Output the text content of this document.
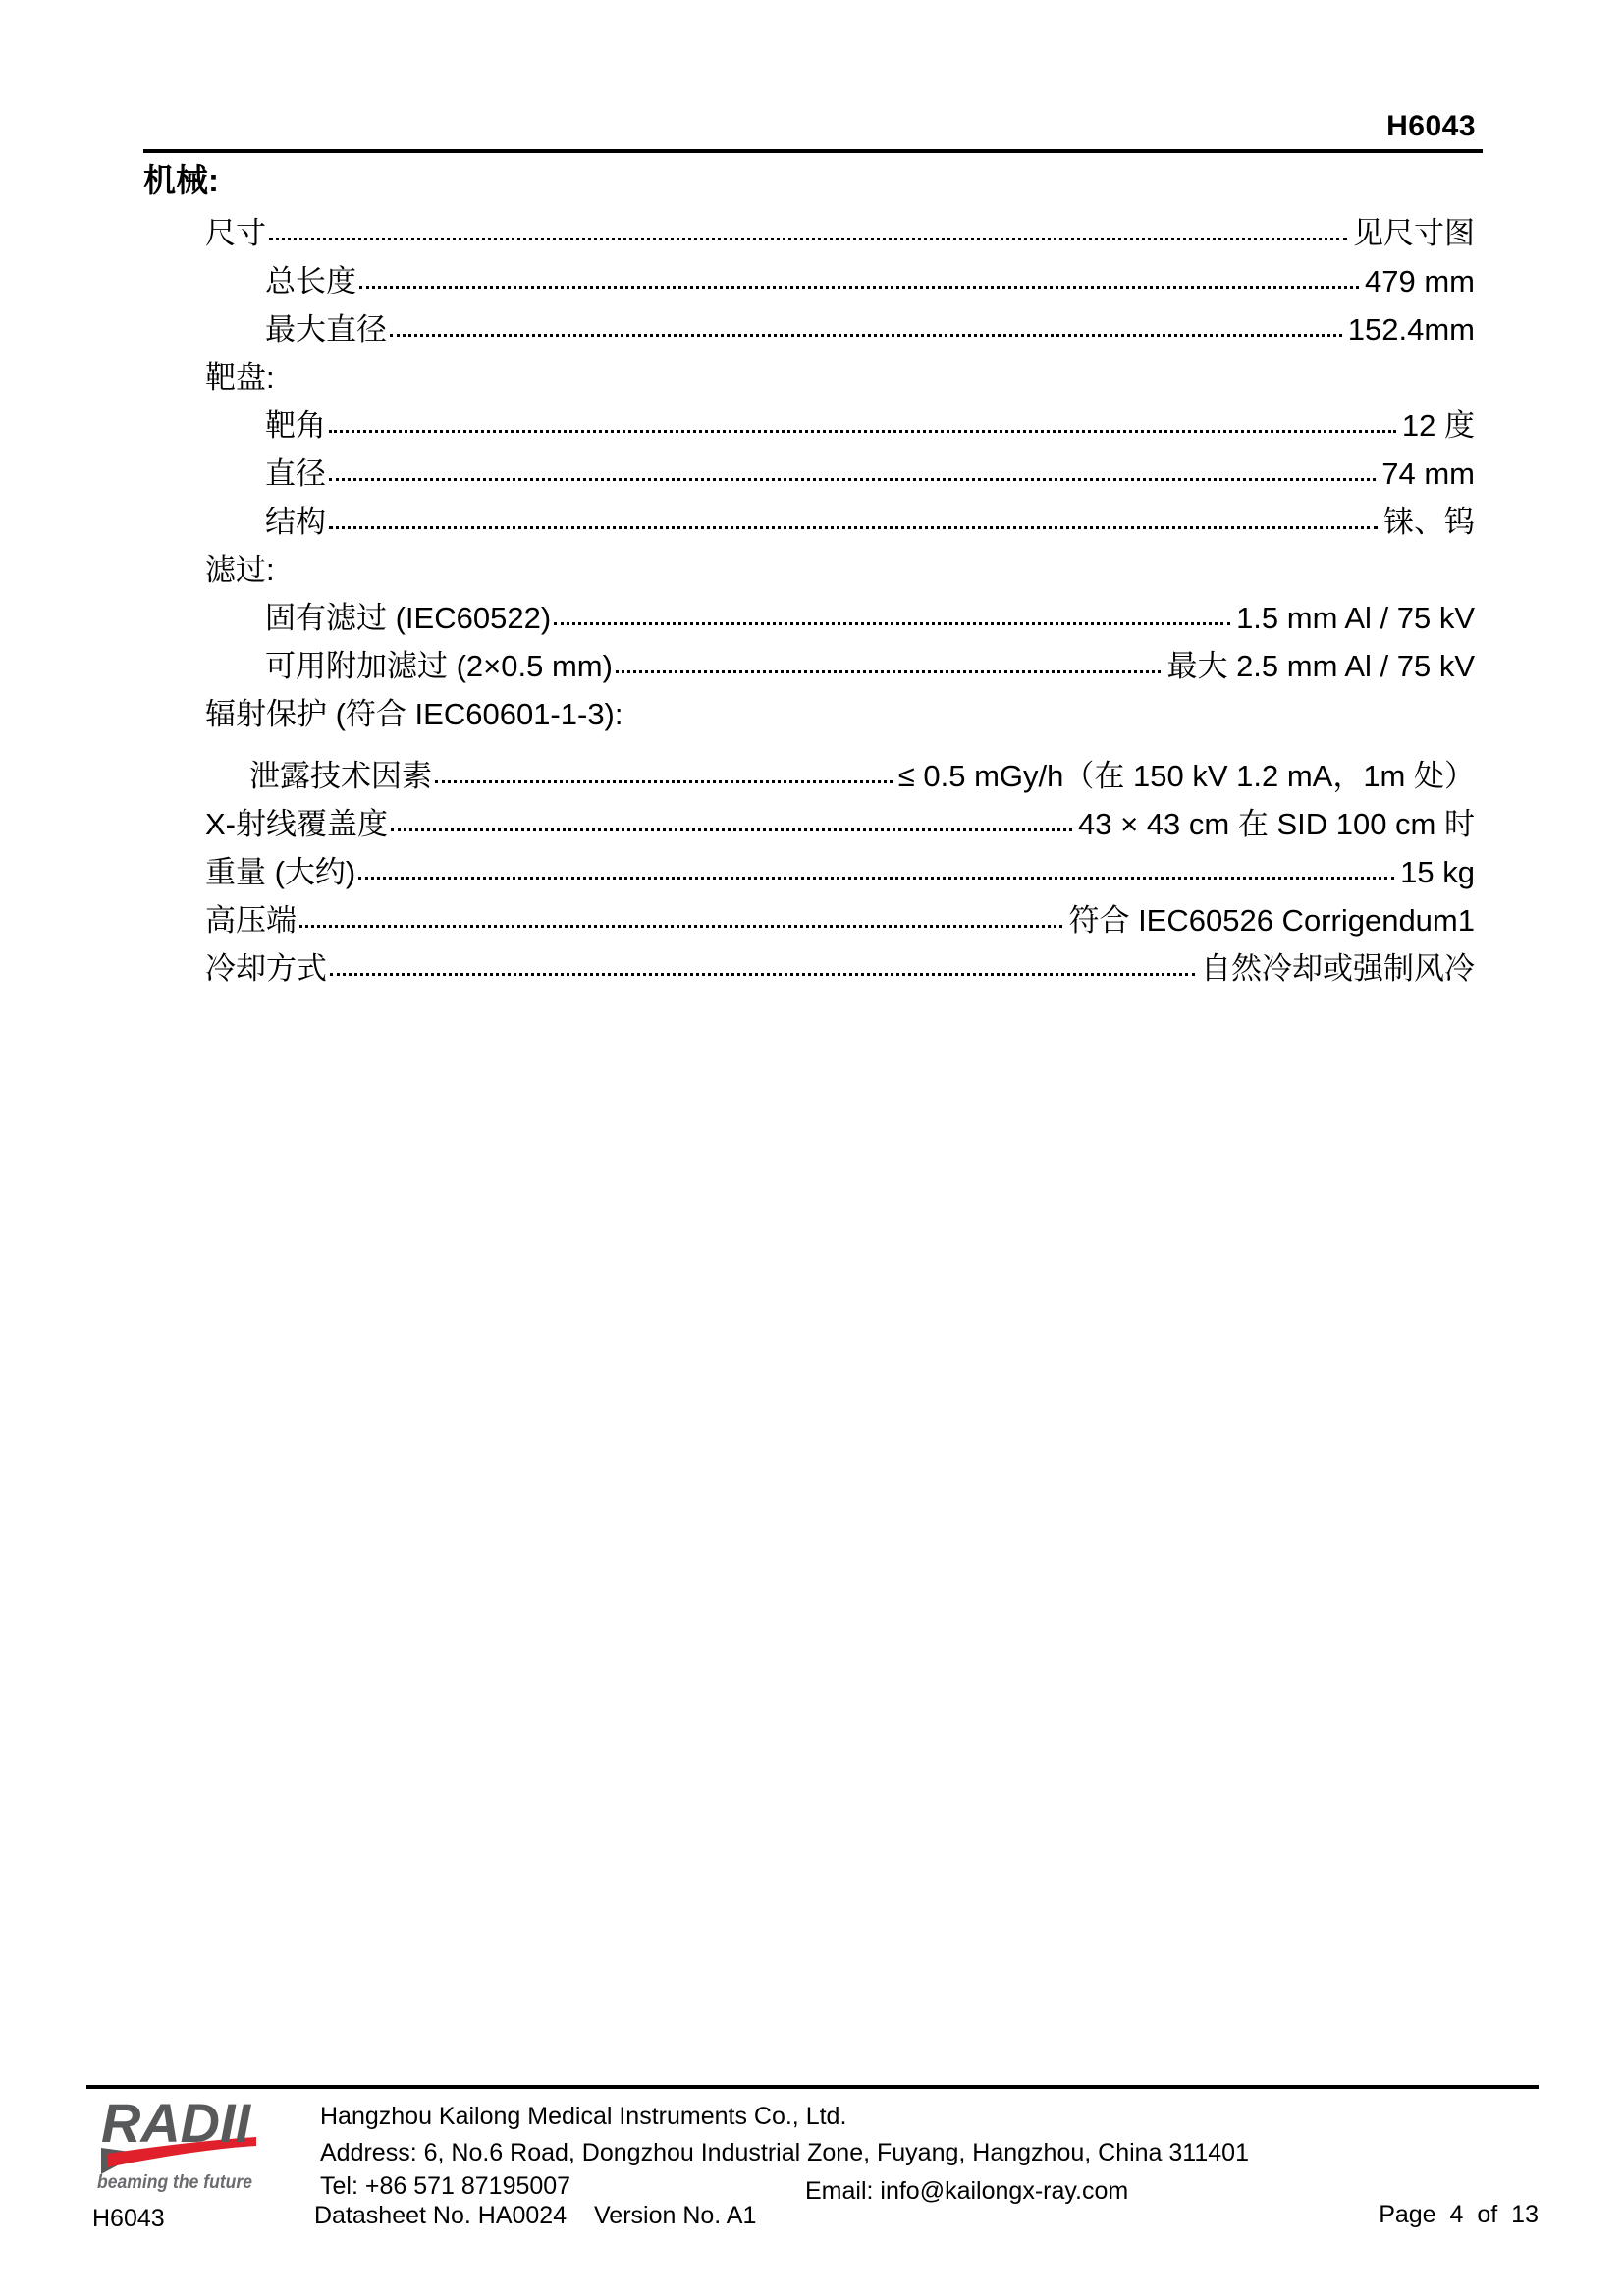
H6043
机械:
尺寸	见尺寸图
总长度	479 mm
最大直径	152.4mm
靶盘:
靶角	12 度
直径	74 mm
结构	铼、钨
滤过:
固有滤过 (IEC60522)	1.5 mm Al / 75 kV
可用附加滤过 (2×0.5 mm)	最大 2.5 mm Al / 75 kV
辐射保护 (符合 IEC60601-1-3):
泄露技术因素	≤ 0.5 mGy/h（在 150 kV 1.2 mA，1m 处）
X-射线覆盖度	43 × 43 cm 在 SID 100 cm 时
重量 (大约)	15 kg
高压端	符合 IEC60526 Corrigendum1
冷却方式	自然冷却或强制风冷
RADII
beaming the future
Hangzhou Kailong Medical Instruments Co., Ltd.
Address: 6, No.6 Road, Dongzhou Industrial Zone, Fuyang, Hangzhou, China 311401
Tel: +86 571 87195007	Email: info@kailongx-ray.com
H6043	Datasheet No. HA0024 Version No. A1	Page 4 of 13
